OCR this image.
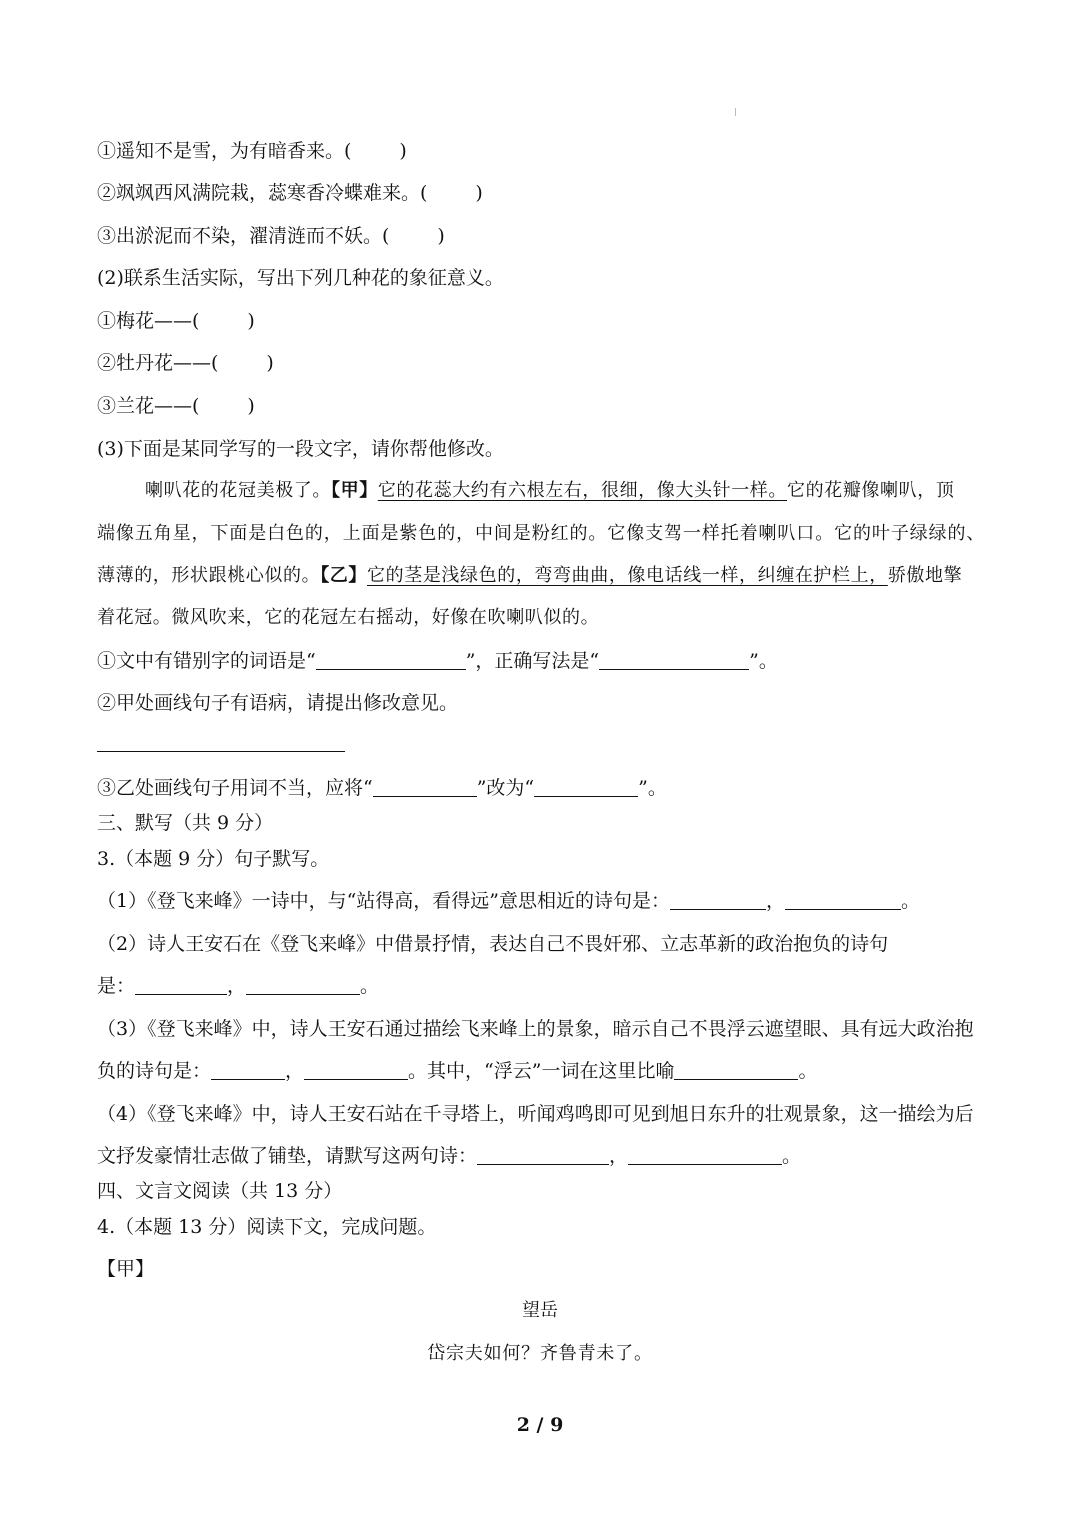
①遥知不是雪，为有暗香来。(	)
②飒飒西风满院栽，蕊寒香冷蝶难来。(	)
③出淤泥而不染，濯清涟而不妖。(	)
(2)联系生活实际，写出下列几种花的象征意义。
①梅花——(	)
②牡丹花——(	)
③兰花——(	)
(3)下面是某同学写的一段文字，请你帮他修改。
喇叭花的花冠美极了。【甲】它的花蕊大约有六根左右，很细，像大头针一样。它的花瓣像喇叭，顶
端像五角星，下面是白色的，上面是紫色的，中间是粉红的。它像支驾一样托着喇叭口。它的叶子绿绿的、
薄薄的，形状跟桃心似的。【乙】它的茎是浅绿色的，弯弯曲曲，像电话线一样，纠缠在护栏上，骄傲地擎
着花冠。微风吹来，它的花冠左右摇动，好像在吹喇叭似的。
①文中有错别字的词语是“	”，正确写法是“	”。
②甲处画线句子有语病，请提出修改意见。
③乙处画线句子用词不当，应将“	”改为“	”。
三、默写（共 9 分）
3.（本题 9 分）句子默写。
（1）《登飞来峰》一诗中，与“站得高，看得远”意思相近的诗句是：	，	。
（2）诗人王安石在《登飞来峰》中借景抒情，表达自己不畏奸邪、立志革新的政治抱负的诗句
是：	，	。
（3）《登飞来峰》中，诗人王安石通过描绘飞来峰上的景象，暗示自己不畏浮云遮望眼、具有远大政治抱
负的诗句是：	，	。其中，“浮云”一词在这里比喻	。
（4）《登飞来峰》中，诗人王安石站在千寻塔上，听闻鸡鸣即可见到旭日东升的壮观景象，这一描绘为后
文抒发豪情壮志做了铺垫，请默写这两句诗：	，	。
四、文言文阅读（共 13 分）
4.（本题 13 分）阅读下文，完成问题。
【甲】
望岳
岱宗夫如何？齐鲁青未了。
2 / 9
